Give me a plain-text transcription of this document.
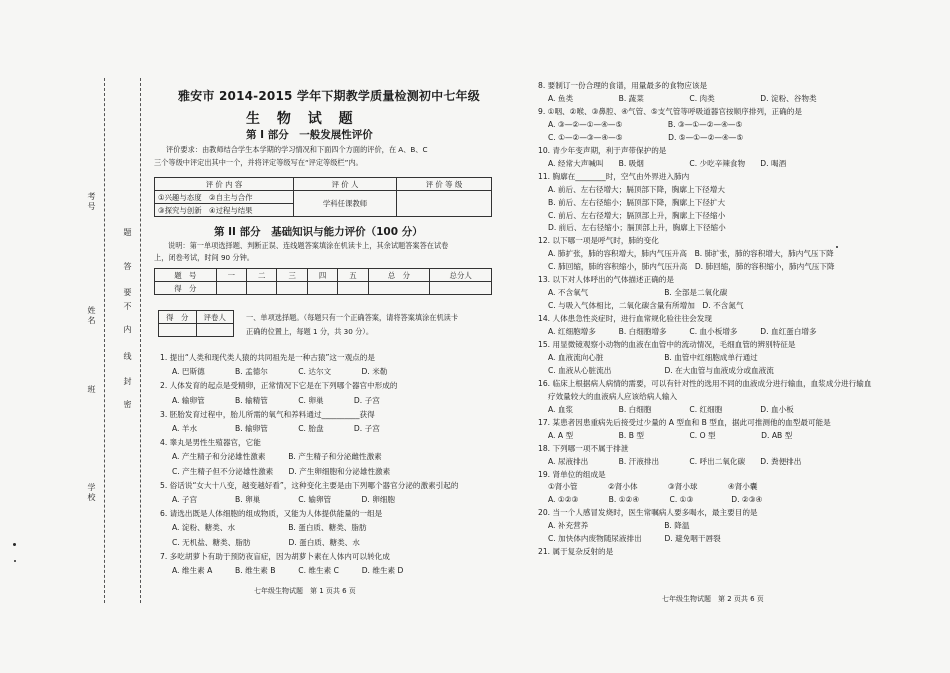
考号
姓名
班
学校
题
答
要
不
内
线
封
密
雅安市 2014-2015 学年下期教学质量检测初中七年级
生 物 试 题
第 I 部分　一般发展性评价
评价要求：由教师结合学生本学期的学习情况和下面四个方面的评价，在 A、B、C
三个等级中评定出其中一个，并将评定等级写在“评定等级栏”内。
评 价 内 容	评 价 人	评 价 等 级
①兴趣与态度　②自主与合作	学科任课教师	
③探究与创新　④过程与结果		
第 II 部分　基础知识与能力评价（100 分）
说明：第一单项选择题、判断正误、连线题答案填涂在机读卡上，其余试题答案答在试卷
上，闭卷考试，时间 90 分钟。
题　号	一	二	三	四	五	总　分	总分人
得　分							
得　分	评卷人
		一、单项选择题。（每题只有一个正确答案，请将答案填涂在机读卡
正确的位置上，每题 1 分，共 30 分）。
1. 提出“人类和现代类人猿的共同祖先是一种古猿”这一观点的是
A. 巴斯德　　　　B. 孟德尔　　　　C. 达尔文　　　　D. 米勒
2. 人体发育的起点是受精卵，正常情况下它是在下列哪个器官中形成的
A. 输卵管　　　　B. 输精管　　　　C. 卵巢　　　　D. 子宫
3. 胚胎发育过程中，胎儿所需的氧气和养料通过__________获得
A. 羊水　　　　　B. 输卵管　　　　C. 胎盘　　　　D. 子宫
4. 睾丸是男性生殖器官，它能
A. 产生精子和分泌雄性激素　　　B. 产生精子和分泌雌性激素
C. 产生精子但不分泌雄性激素　　D. 产生卵细胞和分泌雄性激素
5. 俗话说“女大十八变，越变越好看”，这种变化主要是由下列哪个器官分泌的激素引起的
A. 子宫　　　　　B. 卵巢　　　　　C. 输卵管　　　　D. 卵细胞
6. 请选出既是人体细胞的组成物质，又能为人体提供能量的一组是
A. 淀粉、糖类、水　　　　　　　B. 蛋白质、糖类、脂肪
C. 无机盐、糖类、脂肪　　　　　D. 蛋白质、糖类、水
7. 多吃胡萝卜有助于预防夜盲症，因为胡萝卜素在人体内可以转化成
A. 维生素 A　　　B. 维生素 B　　　C. 维生素 C　　　D. 维生素 D
七年级生物试题　第 1 页共 6 页
8. 要制订一份合理的食谱，用量最多的食物应该是
A. 鱼类　　　　　　B. 蔬菜　　　　　　C. 肉类　　　　　　D. 淀粉、谷物类
9. ①咽、②喉、③鼻腔、④气管、⑤支气管等呼吸道器官按顺序排列，正确的是
A. ③—②—①—④—⑤　　　　　　B. ③—①—②—④—⑤
C. ①—②—③—④—⑤　　　　　　D. ⑤—①—②—④—⑤
10. 青少年变声期，利于声带保护的是
A. 经常大声喊叫　　B. 吸烟　　　　　　C. 少吃辛辣食物　　D. 喝酒
11. 胸廓在________时，空气由外界进入肺内
A. 前后、左右径增大；膈顶部下降，胸廓上下径增大
B. 前后、左右径缩小；膈顶部下降，胸廓上下径扩大
C. 前后、左右径增大；膈顶部上升，胸廓上下径缩小
D. 前后、左右径缩小；膈顶部上升，胸廓上下径缩小
12. 以下哪一项是呼气时，肺的变化
A. 肺扩张，肺的容积增大，肺内气压升高　B. 肺扩张，肺的容积增大，肺内气压下降
C. 肺回缩，肺的容积缩小，肺内气压升高　D. 肺回缩，肺的容积缩小，肺内气压下降
13. 以下对人体呼出的气体描述正确的是
A. 不含氧气　　　　　　　　　　B. 全部是二氧化碳
C. 与吸入气体相比，二氧化碳含量有所增加　D. 不含氮气
14. 人体患急性炎症时，进行血常规化验往往会发现
A. 红细胞增多　　　B. 白细胞增多　　　C. 血小板增多　　　D. 血红蛋白增多
15. 用显微镜观察小动物的血液在血管中的流动情况，毛细血管的辨别特征是
A. 血液流向心脏　　　　　　　　B. 血管中红细胞成单行通过
C. 血液从心脏流出　　　　　　　D. 在大血管与血液成分或血液流
16. 临床上根据病人病情的需要，可以有针对性的选用不同的血液成分进行输血，血浆成分进行输血
疗效量较大的血液病人应该给病人输入
A. 血浆　　　　　　B. 白细胞　　　　　C. 红细胞　　　　　D. 血小板
17. 某患者因患重病先后接受过少量的 A 型血和 B 型血，据此可推测他的血型最可能是
A. A 型　　　　　　B. B 型　　　　　　C. O 型　　　　　　D. AB 型
18. 下列哪一项不属于排泄
A. 尿液排出　　　　B. 汗液排出　　　　C. 呼出二氧化碳　　D. 粪便排出
19. 肾单位的组成是
①肾小管　　　　②肾小体　　　　③肾小球　　　　④肾小囊
A. ①②③　　　　B. ①②④　　　　C. ①③　　　　　D. ②③④
20. 当一个人感冒发烧时，医生常嘱病人要多喝水，最主要目的是
A. 补充营养　　　　　　　　　　B. 降温
C. 加快体内废物随尿液排出　　　D. 避免咽干唇裂
21. 属于复杂反射的是
七年级生物试题　第 2 页共 6 页
